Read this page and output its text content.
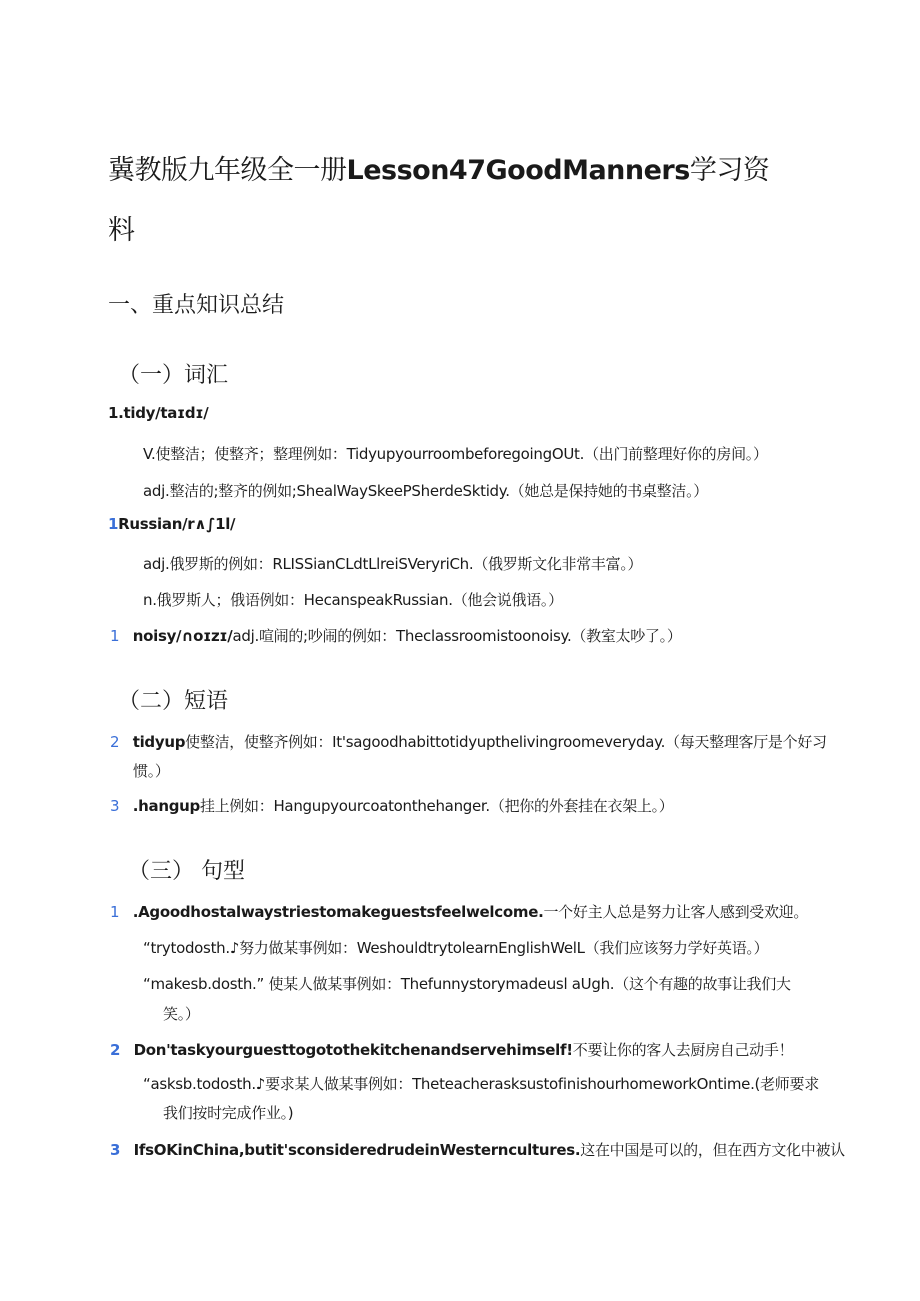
冀教版九年级全一册Lesson47GoodManners学习资
料
一、重点知识总结
（一）词汇
1.tidy∕taɪdɪ∕
V.使整洁；使整齐；整理例如：TidyupyourroombeforegoingOUt.（出门前整理好你的房间。）
adj.整洁的;整齐的例如;ShealWaySkeePSherdeSktidy.（她总是保持她的书桌整洁。）
1Russian/r∧∫1l∕
adj.俄罗斯的例如：RLISSianCLdtLlreiSVeryriCh.（俄罗斯文化非常丰富。）
n.俄罗斯人；俄语例如：HecanspeakRussian.（他会说俄语。）
1 noisy∕∩oɪzɪ∕adj.喧闹的;吵闹的例如：Theclassroomistoonoisy.（教室太吵了。）
（二）短语
2 tidyup使整洁，使整齐例如：It'sagoodhabittotidyupthelivingroomeveryday.（每天整理客厅是个好习
惯。）
3 .hangup挂上例如：Hangupyourcoatonthehanger.（把你的外套挂在衣架上。）
（三） 句型
1 .Agoodhostalwaystriestomakeguestsfeelwelcome.一个好主人总是努力让客人感到受欢迎。
“trytodosth.♪努力做某事例如：WeshouldtrytolearnEnglishWelL（我们应该努力学好英语。）
“makesb.dosth.” 使某人做某事例如：Thefunnystorymadeusl aUgh.（这个有趣的故事让我们大
笑。）
2 Don'taskyourguesttogotothekitchenandservehimself!不要让你的客人去厨房自己动手！
“asksb.todosth.♪要求某人做某事例如：TheteacherasksustofinishourhomeworkOntime.(老师要求
我们按时完成作业。)
3 IfsOKinChina,butit'sconsideredrudeinWesterncultures.这在中国是可以的，但在西方文化中被认
